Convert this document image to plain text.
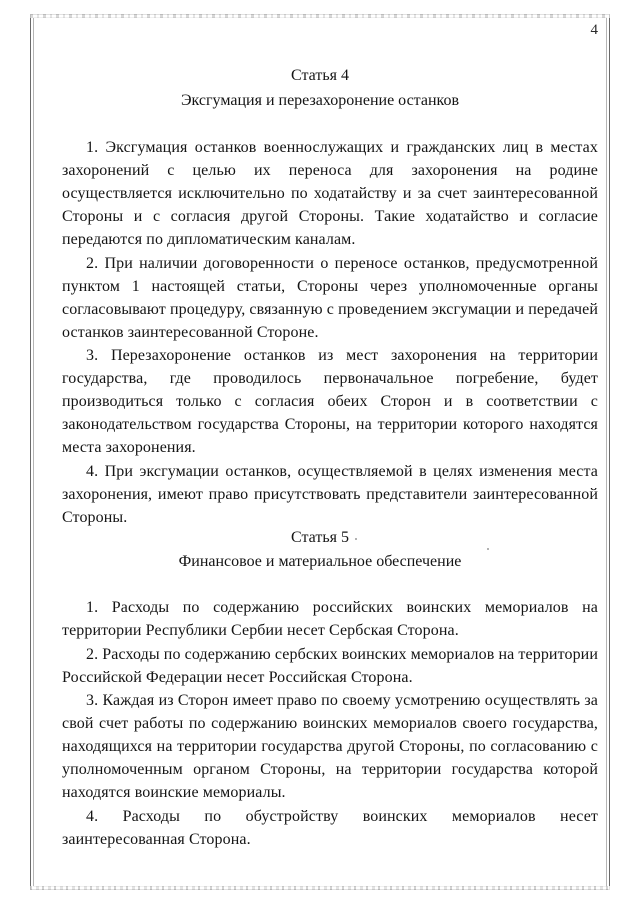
4
Статья 4
Эксгумация и перезахоронение останков

1. Эксгумация останков военнослужащих и гражданских лиц в местах захоронений с целью их переноса для захоронения на родине осуществляется исключительно по ходатайству и за счет заинтересованной Стороны и с согласия другой Стороны. Такие ходатайство и согласие передаются по дипломатическим каналам.

2. При наличии договоренности о переносе останков, предусмотренной пунктом 1 настоящей статьи, Стороны через уполномоченные органы согласовывают процедуру, связанную с проведением эксгумации и передачей останков заинтересованной Стороне.

3. Перезахоронение останков из мест захоронения на территории государства, где проводилось первоначальное погребение, будет производиться только с согласия обеих Сторон и в соответствии с законодательством государства Стороны, на территории которого находятся места захоронения.

4. При эксгумации останков, осуществляемой в целях изменения места захоронения, имеют право присутствовать представители заинтересованной Стороны.

Статья 5
Финансовое и материальное обеспечение

1. Расходы по содержанию российских воинских мемориалов на территории Республики Сербии несет Сербская Сторона.

2. Расходы по содержанию сербских воинских мемориалов на территории Российской Федерации несет Российская Сторона.

3. Каждая из Сторон имеет право по своему усмотрению осуществлять за свой счет работы по содержанию воинских мемориалов своего государства, находящихся на территории государства другой Стороны, по согласованию с уполномоченным органом Стороны, на территории государства которой находятся воинские мемориалы.

4. Расходы по обустройству воинских мемориалов несет заинтересованная Сторона.
